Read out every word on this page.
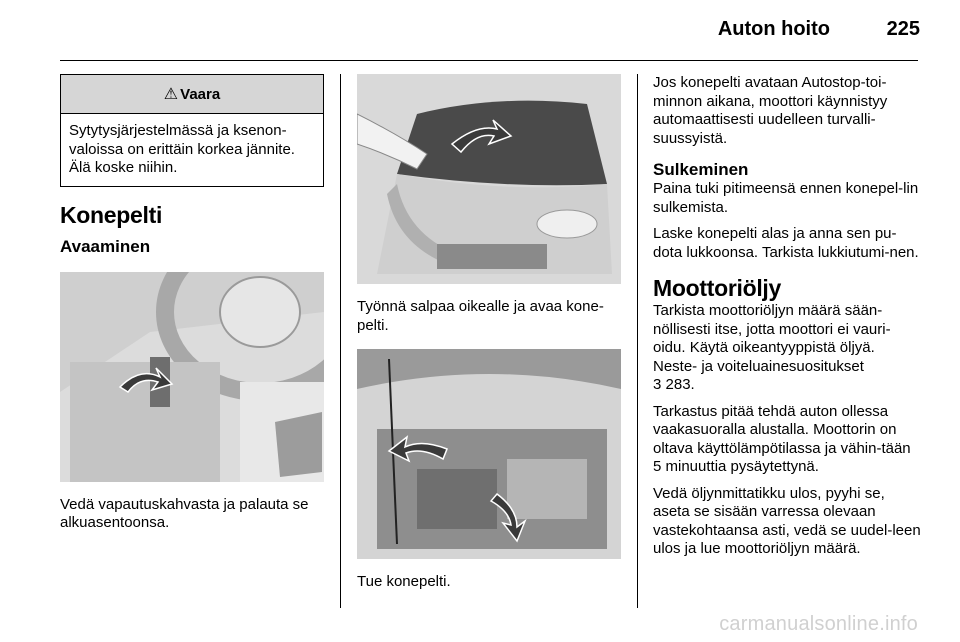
Auton hoito	225
⚠ Vaara
Sytytysjärjestelmässä ja ksenon-valoissa on erittäin korkea jännite. Älä koske niihin.
Konepelti
Avaaminen

Vedä vapautuskahvasta ja palauta se alkuasentoonsa.

Työnnä salpaa oikealle ja avaa kone-pelti.

Tue konepelti.

Jos konepelti avataan Autostop-toi-minnon aikana, moottori käynnistyy automaattisesti uudelleen turvalli-suussyistä.

Sulkeminen

Paina tuki pitimeensä ennen konepel-lin sulkemista.

Laske konepelti alas ja anna sen pu-dota lukkoonsa. Tarkista lukkiutumi-nen.

Moottoriöljy

Tarkista moottoriöljyn määrä sään-nöllisesti itse, jotta moottori ei vauri-oidu. Käytä oikeantyyppistä öljyä. Neste- ja voiteluainesuositukset

3 283.

Tarkastus pitää tehdä auton ollessa vaakasuoralla alustalla. Moottorin on oltava käyttölämpötilassa ja vähin-tään 5 minuuttia pysäytettynä.

Vedä öljynmittatikku ulos, pyyhi se, aseta se sisään varressa olevaan vastekohtaansa asti, vedä se uudel-leen ulos ja lue moottoriöljyn määrä.

carmanualsonline.info
